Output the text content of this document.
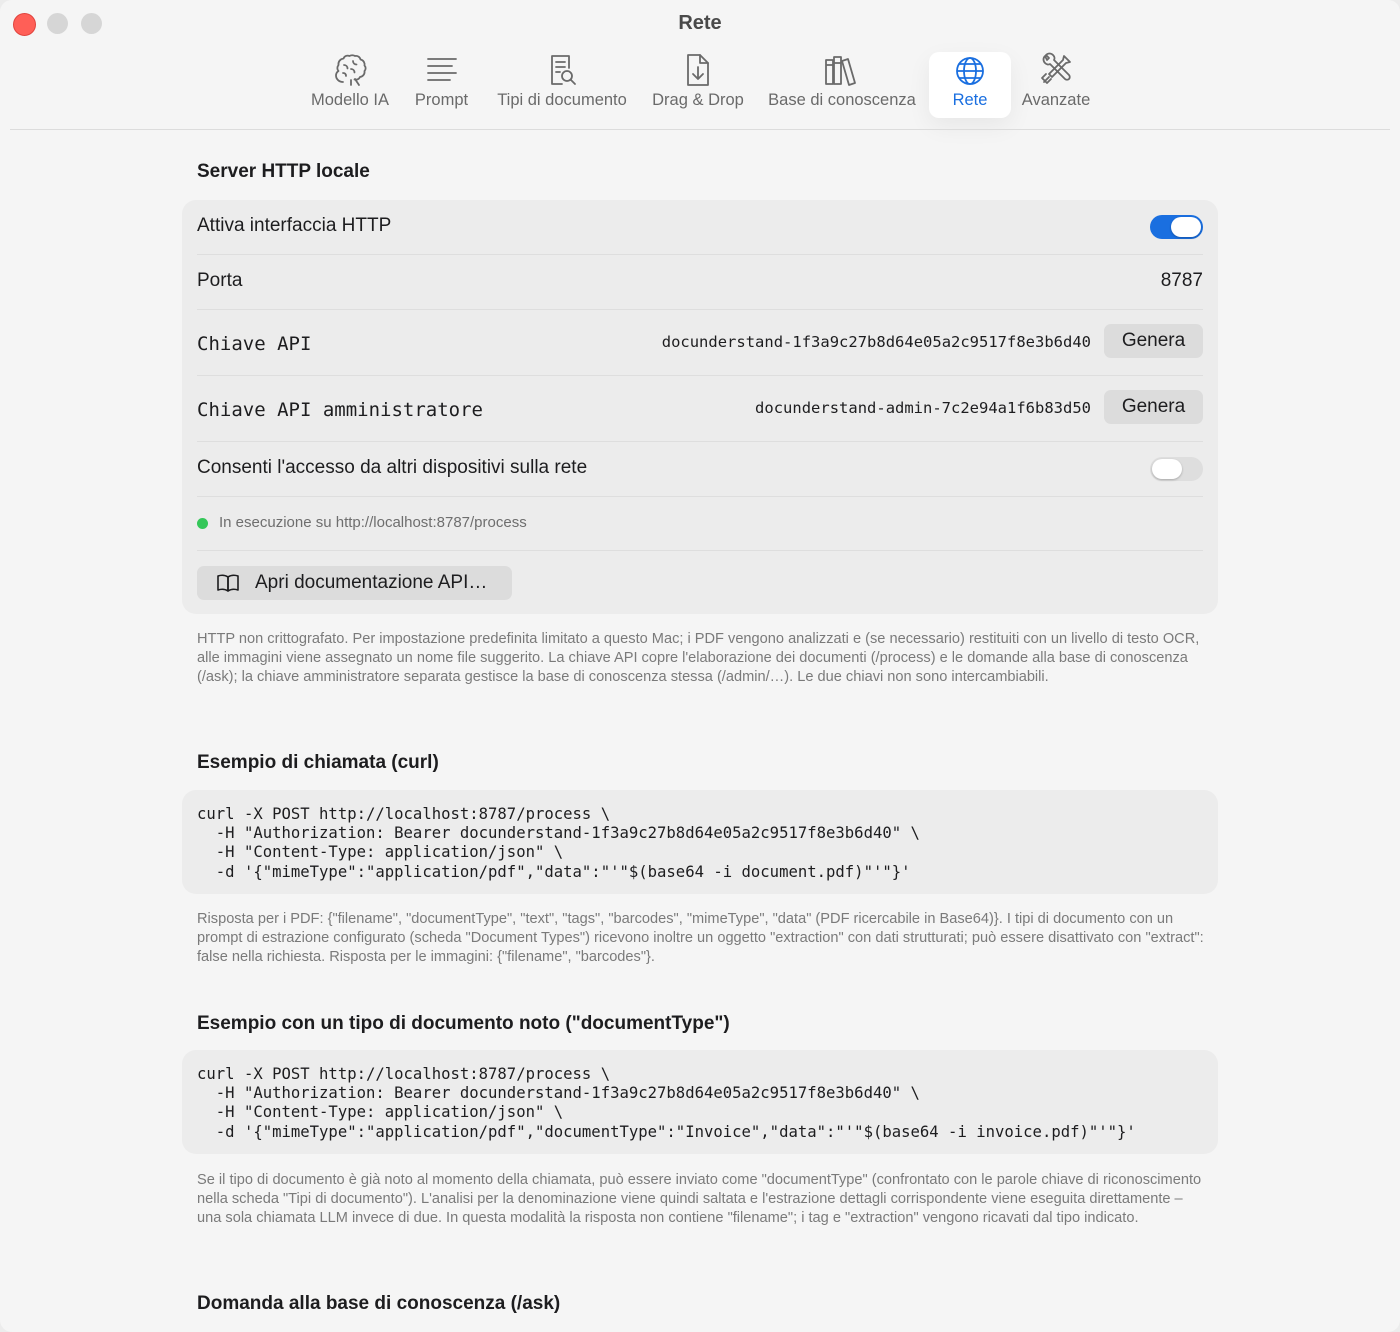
Rete
Modello IA	Prompt	Tipi di documento	Drag & Drop	Base di conoscenza	Rete	Avanzate
Server HTTP locale
Attiva interfaccia HTTP
Porta	8787
Chiave API	docunderstand-1f3a9c27b8d64e05a2c9517f8e3b6d40	Genera
Chiave API amministratore	docunderstand-admin-7c2e94a1f6b83d50	Genera
Consenti l'accesso da altri dispositivi sulla rete
In esecuzione su http://localhost:8787/process
Apri documentazione API…
HTTP non crittografato. Per impostazione predefinita limitato a questo Mac; i PDF vengono analizzati e (se necessario) restituiti con un livello di testo OCR, alle immagini viene assegnato un nome file suggerito. La chiave API copre l'elaborazione dei documenti (/process) e le domande alla base di conoscenza (/ask); la chiave amministratore separata gestisce la base di conoscenza stessa (/admin/…). Le due chiavi non sono intercambiabili.
Esempio di chiamata (curl)
curl -X POST http://localhost:8787/process \
-H "Authorization: Bearer docunderstand-1f3a9c27b8d64e05a2c9517f8e3b6d40" \
-H "Content-Type: application/json" \
-d '{"mimeType":"application/pdf","data":"'"$(base64 -i document.pdf)"'"}'
Risposta per i PDF: {"filename", "documentType", "text", "tags", "barcodes", "mimeType", "data" (PDF ricercabile in Base64)}. I tipi di documento con un prompt di estrazione configurato (scheda "Document Types") ricevono inoltre un oggetto "extraction" con dati strutturati; può essere disattivato con "extract": false nella richiesta. Risposta per le immagini: {"filename", "barcodes"}.
Esempio con un tipo di documento noto ("documentType")
curl -X POST http://localhost:8787/process \
-H "Authorization: Bearer docunderstand-1f3a9c27b8d64e05a2c9517f8e3b6d40" \
-H "Content-Type: application/json" \
-d '{"mimeType":"application/pdf","documentType":"Invoice","data":"'"$(base64 -i invoice.pdf)"'"}'
Se il tipo di documento è già noto al momento della chiamata, può essere inviato come "documentType" (confrontato con le parole chiave di riconoscimento nella scheda "Tipi di documento"). L'analisi per la denominazione viene quindi saltata e l'estrazione dettagli corrispondente viene eseguita direttamente – una sola chiamata LLM invece di due. In questa modalità la risposta non contiene "filename"; i tag e "extraction" vengono ricavati dal tipo indicato.
Domanda alla base di conoscenza (/ask)
